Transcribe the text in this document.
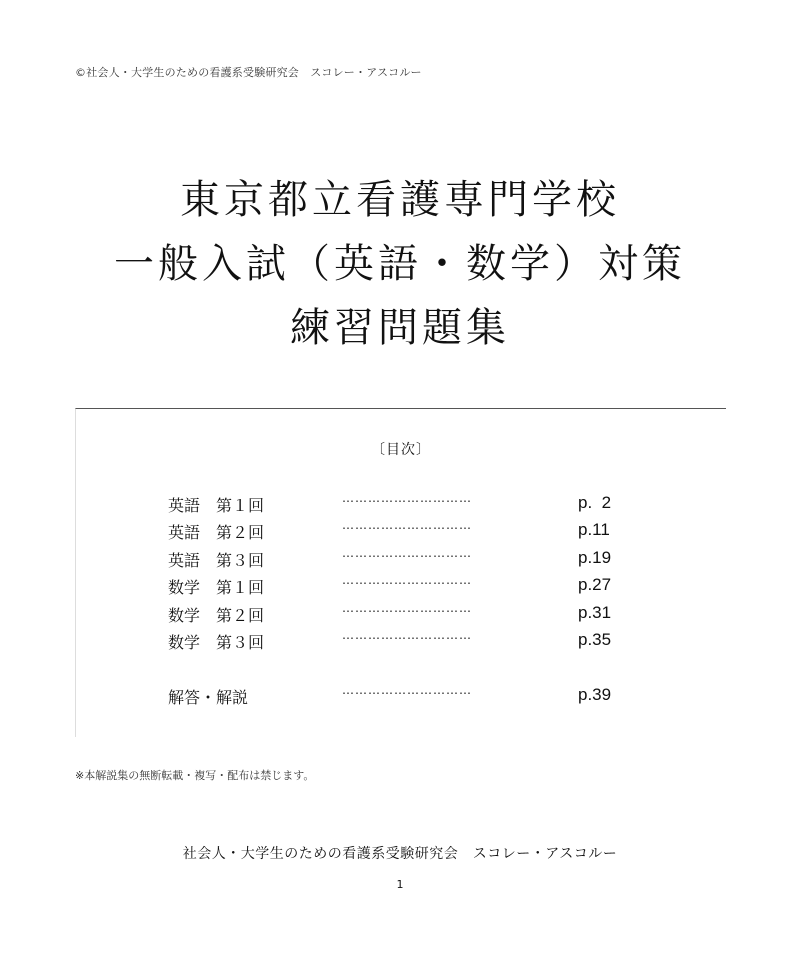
©社会人・大学生のための看護系受験研究会　スコレー・アスコルー
東京都立看護専門学校
一般入試（英語・数学）対策
練習問題集
〔目次〕
英語　第１回	…………………………	p.  2
英語　第２回	…………………………	p.11
英語　第３回	…………………………	p.19
数学　第１回	…………………………	p.27
数学　第２回	…………………………	p.31
数学　第３回	…………………………	p.35
解答・解説	…………………………	p.39
※本解説集の無断転載・複写・配布は禁じます。
社会人・大学生のための看護系受験研究会　スコレー・アスコルー
1
